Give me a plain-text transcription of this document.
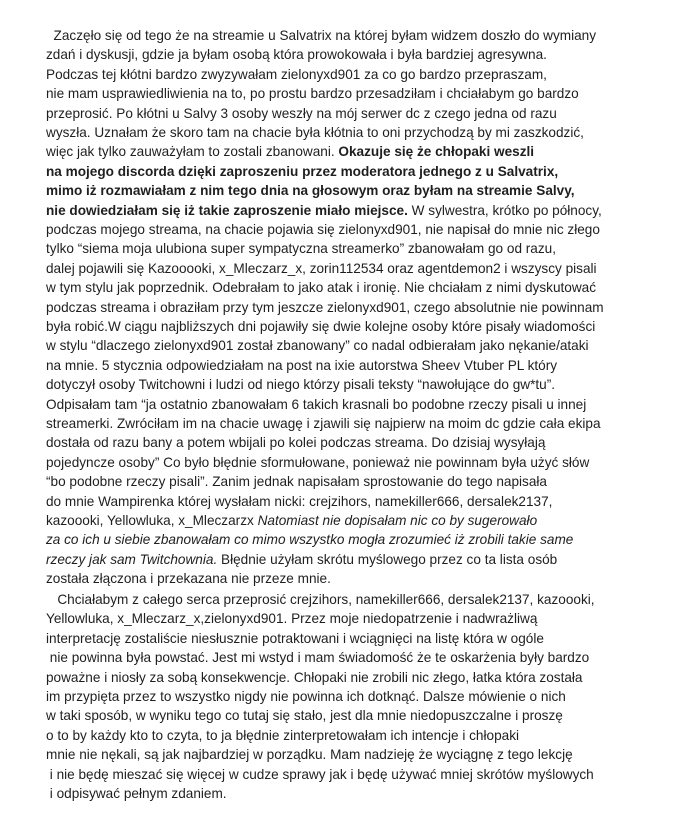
Zaczęło się od tego że na streamie u Salvatrix na której byłam widzem doszło do wymiany
zdań i dyskusji, gdzie ja byłam osobą która prowokowała i była bardziej agresywna.
Podczas tej kłótni bardzo zwyzywałam zielonyxd901 za co go bardzo przepraszam,
nie mam usprawiedliwienia na to, po prostu bardzo przesadziłam i chciałabym go bardzo
przeprosić. Po kłótni u Salvy 3 osoby weszły na mój serwer dc z czego jedna od razu
wyszła. Uznałam że skoro tam na chacie była kłótnia to oni przychodzą by mi zaszkodzić,
więc jak tylko zauważyłam to zostali zbanowani. Okazuje się że chłopaki weszli
na mojego discorda dzięki zaproszeniu przez moderatora jednego z u Salvatrix,
mimo iż rozmawiałam z nim tego dnia na głosowym oraz byłam na streamie Salvy,
nie dowiedziałam się iż takie zaproszenie miało miejsce. W sylwestra, krótko po północy,
podczas mojego streama, na chacie pojawia się zielonyxd901, nie napisał do mnie nic złego
tylko “siema moja ulubiona super sympatyczna streamerko” zbanowałam go od razu,
dalej pojawili się Kazooooki, x_Mleczarz_x, zorin112534 oraz agentdemon2 i wszyscy pisali
w tym stylu jak poprzednik. Odebrałam to jako atak i ironię. Nie chciałam z nimi dyskutować
podczas streama i obraziłam przy tym jeszcze zielonyxd901, czego absolutnie nie powinnam
była robić.W ciągu najbliższych dni pojawiły się dwie kolejne osoby które pisały wiadomości
w stylu “dlaczego zielonyxd901 został zbanowany” co nadal odbierałam jako nękanie/ataki
na mnie. 5 stycznia odpowiedziałam na post na ixie autorstwa Sheev Vtuber PL który
dotyczył osoby Twitchowni i ludzi od niego którzy pisali teksty “nawołujące do gw*tu”.
Odpisałam tam “ja ostatnio zbanowałam 6 takich krasnali bo podobne rzeczy pisali u innej
streamerki. Zwróciłam im na chacie uwagę i zjawili się najpierw na moim dc gdzie cała ekipa
dostała od razu bany a potem wbijali po kolei podczas streama. Do dzisiaj wysyłają
pojedyncze osoby” Co było błędnie sformułowane, ponieważ nie powinnam była użyć słów
“bo podobne rzeczy pisali”. Zanim jednak napisałam sprostowanie do tego napisała
do mnie Wampirenka której wysłałam nicki: crejzihors, namekiller666, dersalek2137,
kazoooki, Yellowluka, x_Mleczarzx Natomiast nie dopisałam nic co by sugerowało
za co ich u siebie zbanowałam co mimo wszystko mogła zrozumieć iż zrobili takie same
rzeczy jak sam Twitchownia. Błędnie użyłam skrótu myślowego przez co ta lista osób
została złączona i przekazana nie przeze mnie.
Chciałabym z całego serca przeprosić crejzihors, namekiller666, dersalek2137, kazoooki,
Yellowluka, x_Mleczarz_x,zielonyxd901. Przez moje niedopatrzenie i nadwrażliwą
interpretację zostaliście niesłusznie potraktowani i wciągnięci na listę która w ogóle
nie powinna była powstać. Jest mi wstyd i mam świadomość że te oskarżenia były bardzo
poważne i niosły za sobą konsekwencje. Chłopaki nie zrobili nic złego, łatka która została
im przypięta przez to wszystko nigdy nie powinna ich dotknąć. Dalsze mówienie o nich
w taki sposób, w wyniku tego co tutaj się stało, jest dla mnie niedopuszczalne i proszę
o to by każdy kto to czyta, to ja błędnie zinterpretowałam ich intencje i chłopaki
mnie nie nękali, są jak najbardziej w porządku. Mam nadzieję że wyciągnę z tego lekcję
i nie będę mieszać się więcej w cudze sprawy jak i będę używać mniej skrótów myślowych
i odpisywać pełnym zdaniem.
